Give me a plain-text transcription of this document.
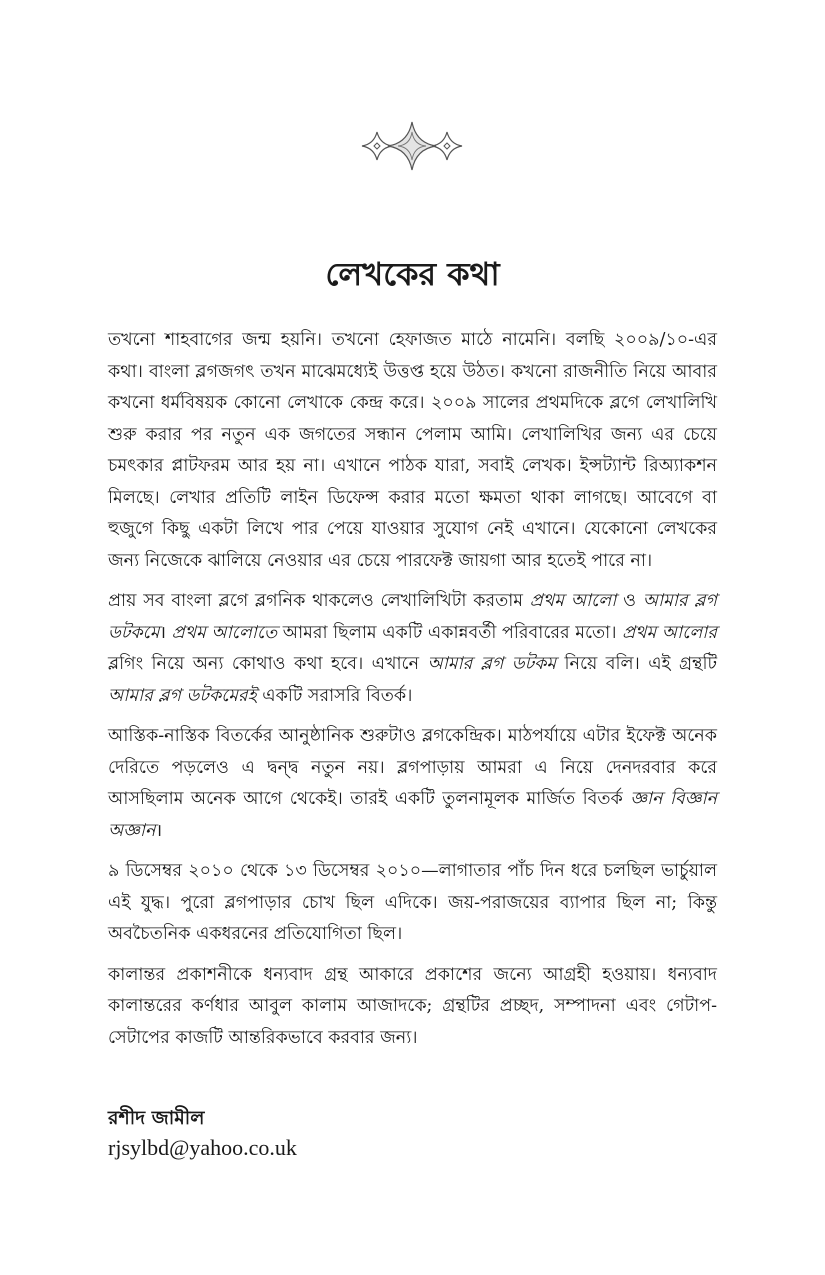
লেখকের কথা

তখনো শাহবাগের জন্ম হয়নি। তখনো হেফাজত মাঠে নামেনি। বলছি ২০০৯/১০-এর কথা। বাংলা ব্লগজগৎ তখন মাঝেমধ্যেই উত্তপ্ত হয়ে উঠত। কখনো রাজনীতি নিয়ে আবার কখনো ধর্মবিষয়ক কোনো লেখাকে কেন্দ্র করে। ২০০৯ সালের প্রথমদিকে ব্লগে লেখালিখি শুরু করার পর নতুন এক জগতের সন্ধান পেলাম আমি। লেখালিখির জন্য এর চেয়ে চমৎকার প্লাটফরম আর হয় না। এখানে পাঠক যারা, সবাই লেখক। ইন্সট্যান্ট রিঅ্যাকশন মিলছে। লেখার প্রতিটি লাইন ডিফেন্স করার মতো ক্ষমতা থাকা লাগছে। আবেগে বা হুজুগে কিছু একটা লিখে পার পেয়ে যাওয়ার সুযোগ নেই এখানে। যেকোনো লেখকের জন্য নিজেকে ঝালিয়ে নেওয়ার এর চেয়ে পারফেক্ট জায়গা আর হতেই পারে না।

প্রায় সব বাংলা ব্লগে ব্লগনিক থাকলেও লেখালিখিটা করতাম প্রথম আলো ও আমার ব্লগ ডটকমে। প্রথম আলোতে আমরা ছিলাম একটি একান্নবর্তী পরিবারের মতো। প্রথম আলোর ব্লগিং নিয়ে অন্য কোথাও কথা হবে। এখানে আমার ব্লগ ডটকম নিয়ে বলি। এই গ্রন্থটি আমার ব্লগ ডটকমেরই একটি সরাসরি বিতর্ক।

আস্তিক-নাস্তিক বিতর্কের আনুষ্ঠানিক শুরুটাও ব্লগকেন্দ্রিক। মাঠপর্যায়ে এটার ইফেক্ট অনেক দেরিতে পড়লেও এ দ্বন্দ্ব নতুন নয়। ব্লগপাড়ায় আমরা এ নিয়ে দেনদরবার করে আসছিলাম অনেক আগে থেকেই। তারই একটি তুলনামূলক মার্জিত বিতর্ক জ্ঞান বিজ্ঞান অজ্ঞান।

৯ ডিসেম্বর ২০১০ থেকে ১৩ ডিসেম্বর ২০১০—লাগাতার পাঁচ দিন ধরে চলছিল ভার্চুয়াল এই যুদ্ধ। পুরো ব্লগপাড়ার চোখ ছিল এদিকে। জয়-পরাজয়ের ব্যাপার ছিল না; কিন্তু অবচৈতনিক একধরনের প্রতিযোগিতা ছিল।

কালান্তর প্রকাশনীকে ধন্যবাদ গ্রন্থ আকারে প্রকাশের জন্যে আগ্রহী হওয়ায়। ধন্যবাদ কালান্তরের কর্ণধার আবুল কালাম আজাদকে; গ্রন্থটির প্রচ্ছদ, সম্পাদনা এবং গেটাপ-সেটাপের কাজটি আন্তরিকভাবে করবার জন্য।

রশীদ জামীল
rjsylbd@yahoo.co.uk
